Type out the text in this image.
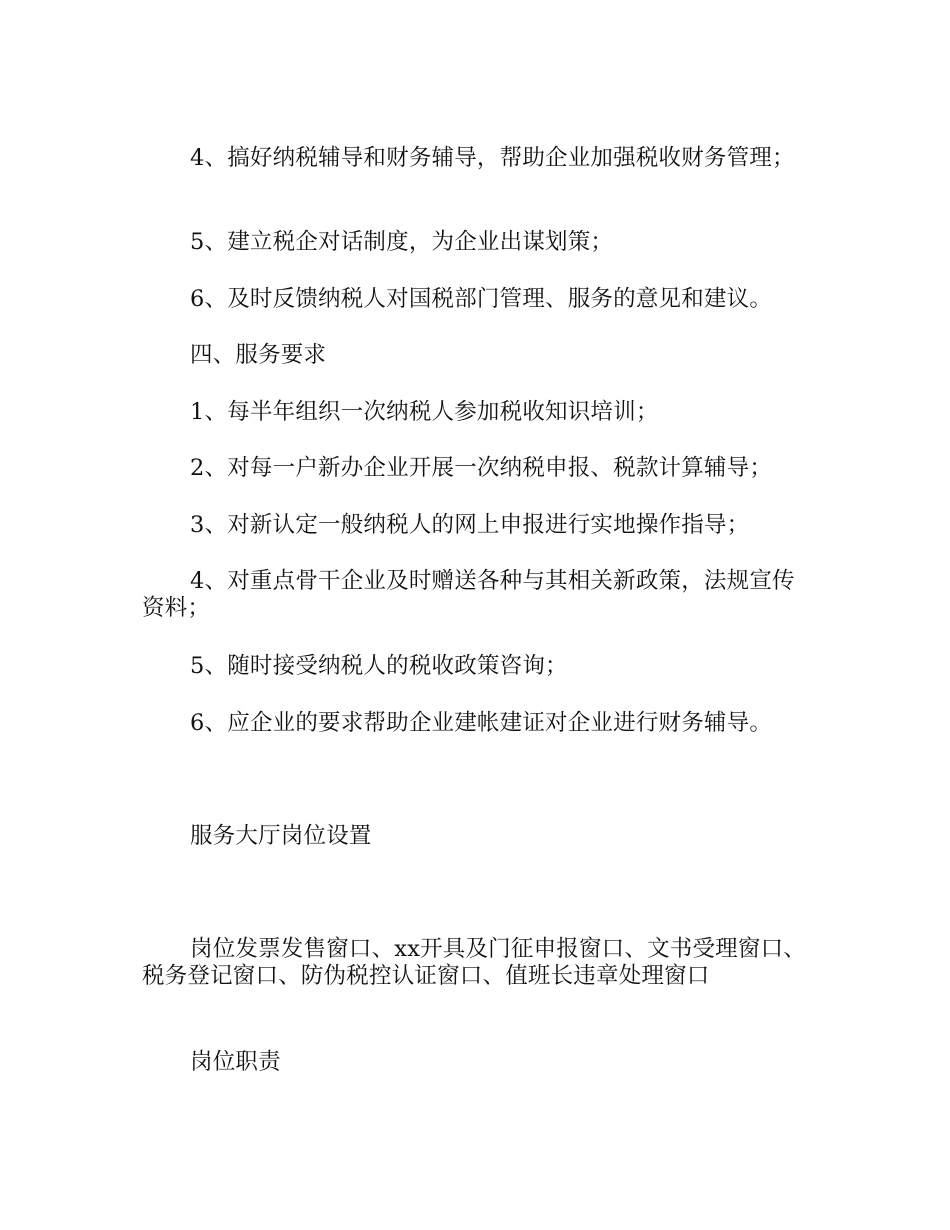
4、搞好纳税辅导和财务辅导，帮助企业加强税收财务管理；
5、建立税企对话制度，为企业出谋划策；
6、及时反馈纳税人对国税部门管理、服务的意见和建议。
四、服务要求
1、每半年组织一次纳税人参加税收知识培训；
2、对每一户新办企业开展一次纳税申报、税款计算辅导；
3、对新认定一般纳税人的网上申报进行实地操作指导；
4、对重点骨干企业及时赠送各种与其相关新政策，法规宣传资料；
5、随时接受纳税人的税收政策咨询；
6、应企业的要求帮助企业建帐建证对企业进行财务辅导。
服务大厅岗位设置
岗位发票发售窗口、xx开具及门征申报窗口、文书受理窗口、税务登记窗口、防伪税控认证窗口、值班长违章处理窗口
岗位职责
